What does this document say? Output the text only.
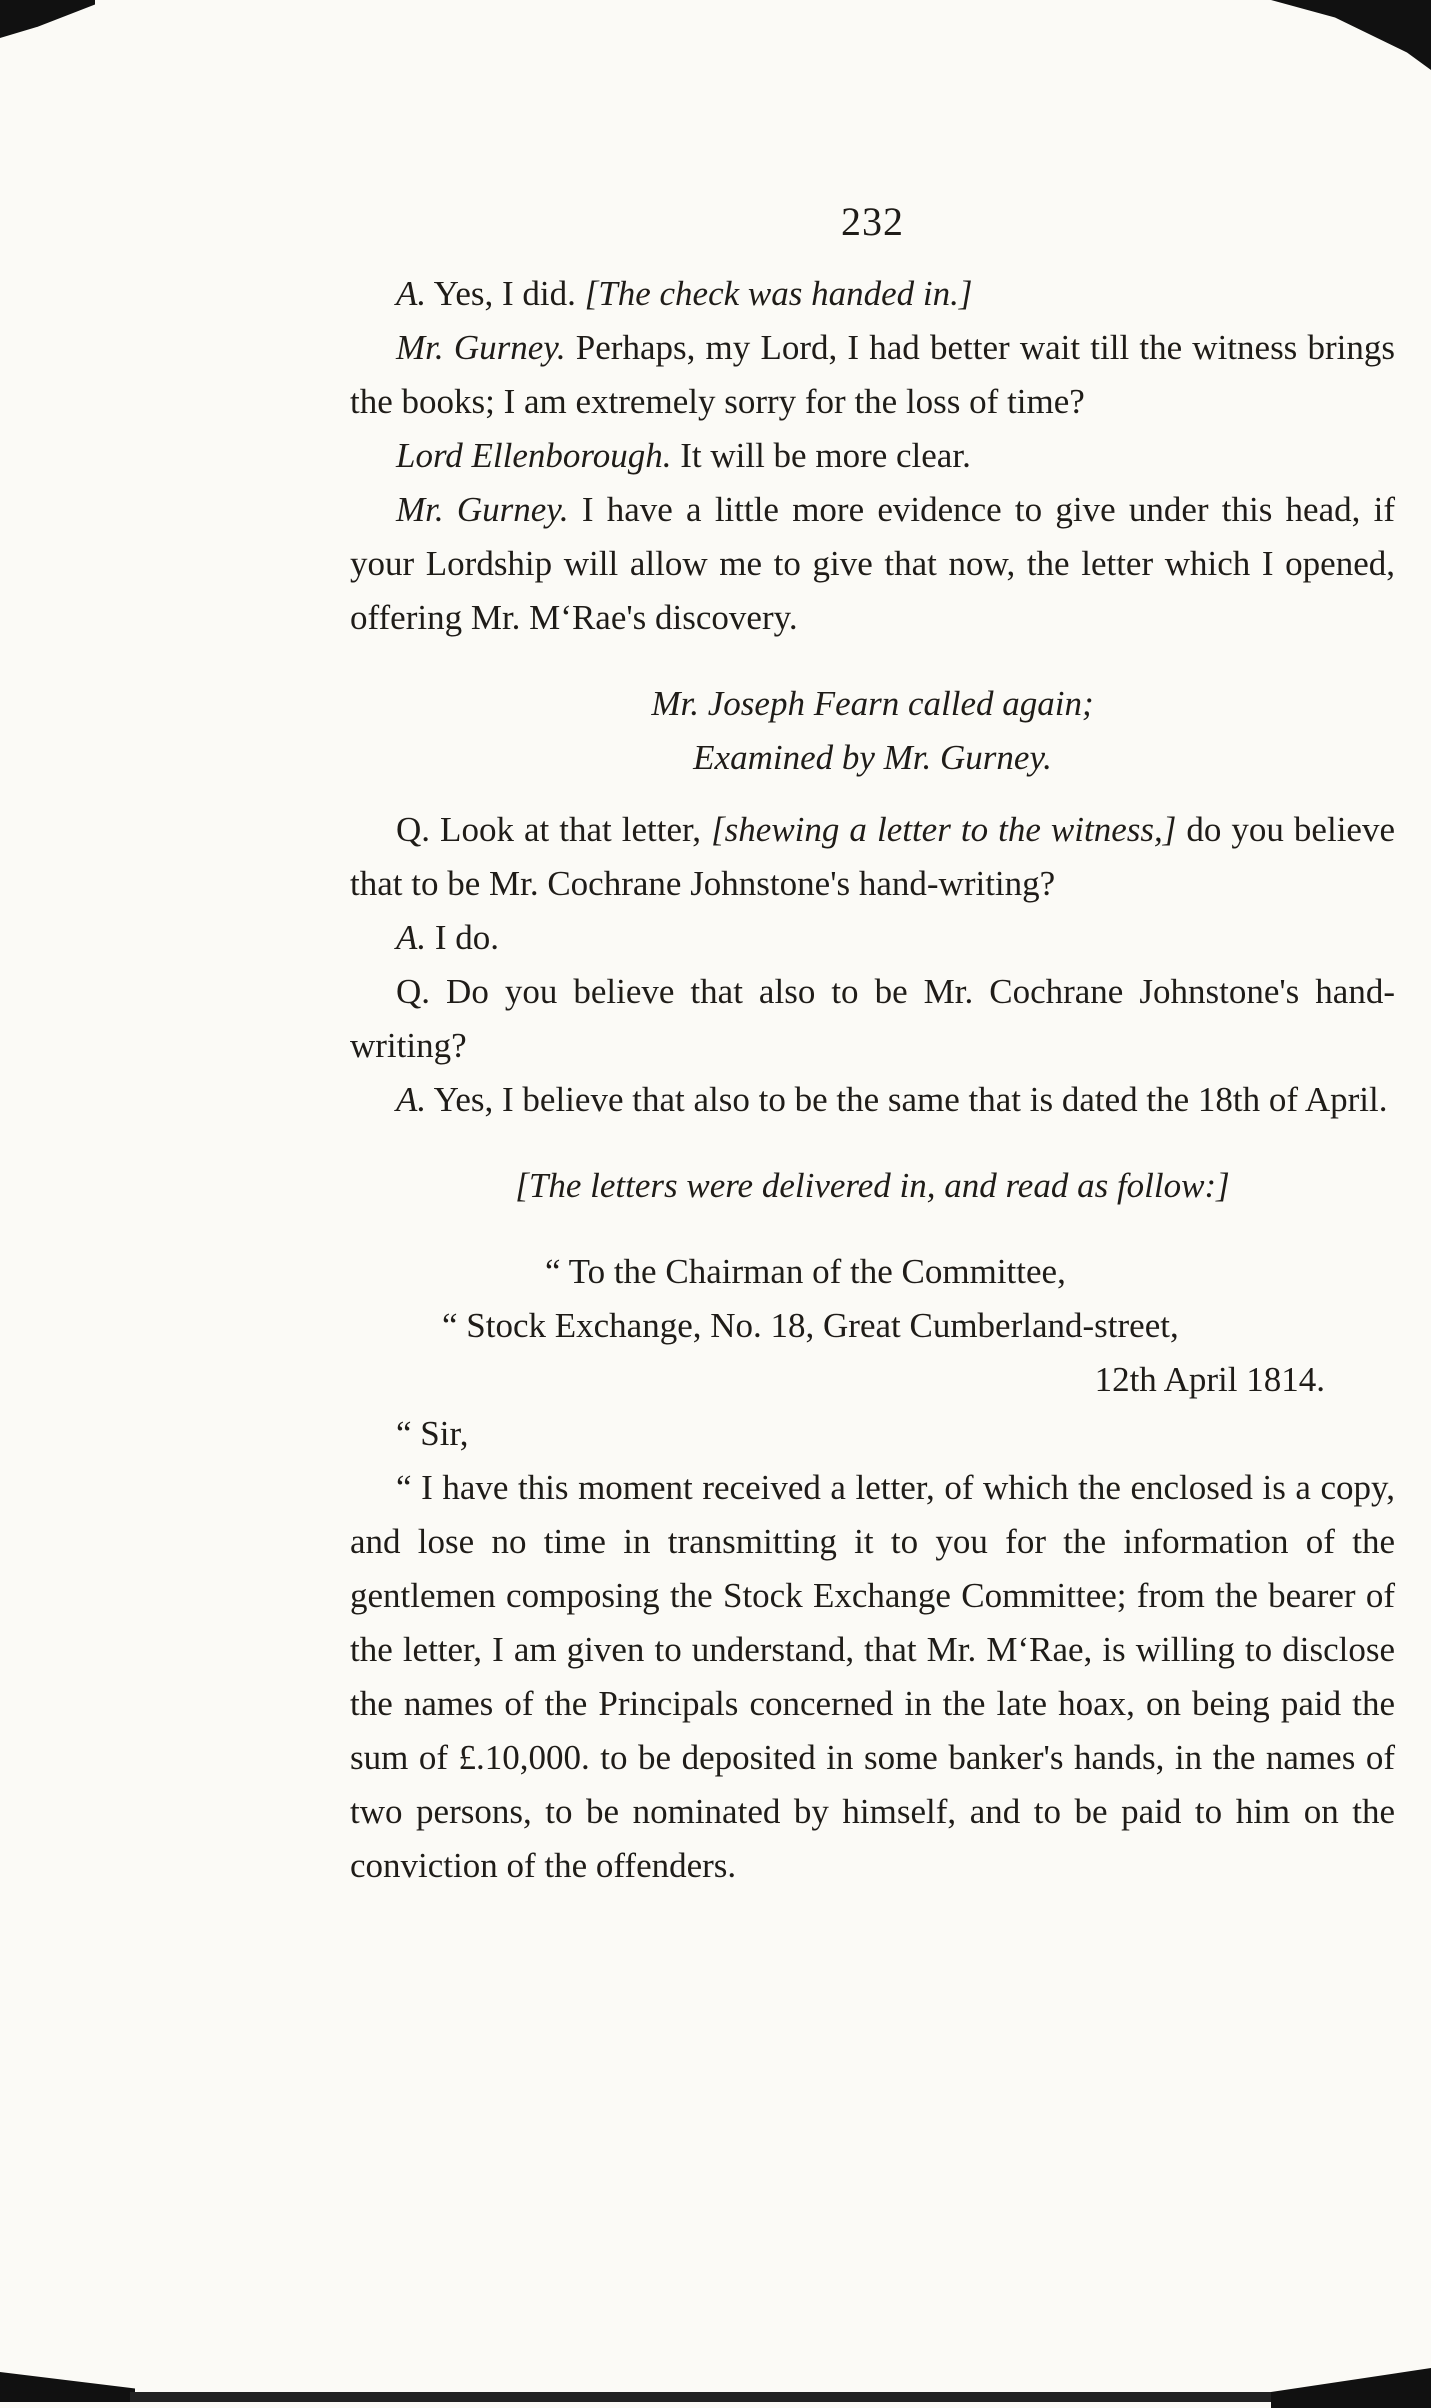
232

A. Yes, I did. [The check was handed in.]

Mr. Gurney. Perhaps, my Lord, I had better wait till the witness brings the books; I am extremely sorry for the loss of time?

Lord Ellenborough. It will be more clear.

Mr. Gurney. I have a little more evidence to give under this head, if your Lordship will allow me to give that now, the letter which I opened, offering Mr. M‘Rae's discovery.

Mr. Joseph Fearn called again;

Examined by Mr. Gurney.

Q. Look at that letter, [shewing a letter to the witness,] do you believe that to be Mr. Cochrane Johnstone's hand-writing?

A. I do.

Q. Do you believe that also to be Mr. Cochrane Johnstone's hand-writing?

A. Yes, I believe that also to be the same that is dated the 18th of April.

[The letters were delivered in, and read as follow:]

“ To the Chairman of the Committee,

“ Stock Exchange, No. 18, Great Cumberland-street,

12th April 1814.

“ Sir,

“ I have this moment received a letter, of which the enclosed is a copy, and lose no time in transmitting it to you for the information of the gentlemen composing the Stock Exchange Committee; from the bearer of the letter, I am given to understand, that Mr. M‘Rae, is willing to disclose the names of the Principals concerned in the late hoax, on being paid the sum of £.10,000. to be deposited in some banker's hands, in the names of two persons, to be nominated by himself, and to be paid to him on the conviction of the offenders.
